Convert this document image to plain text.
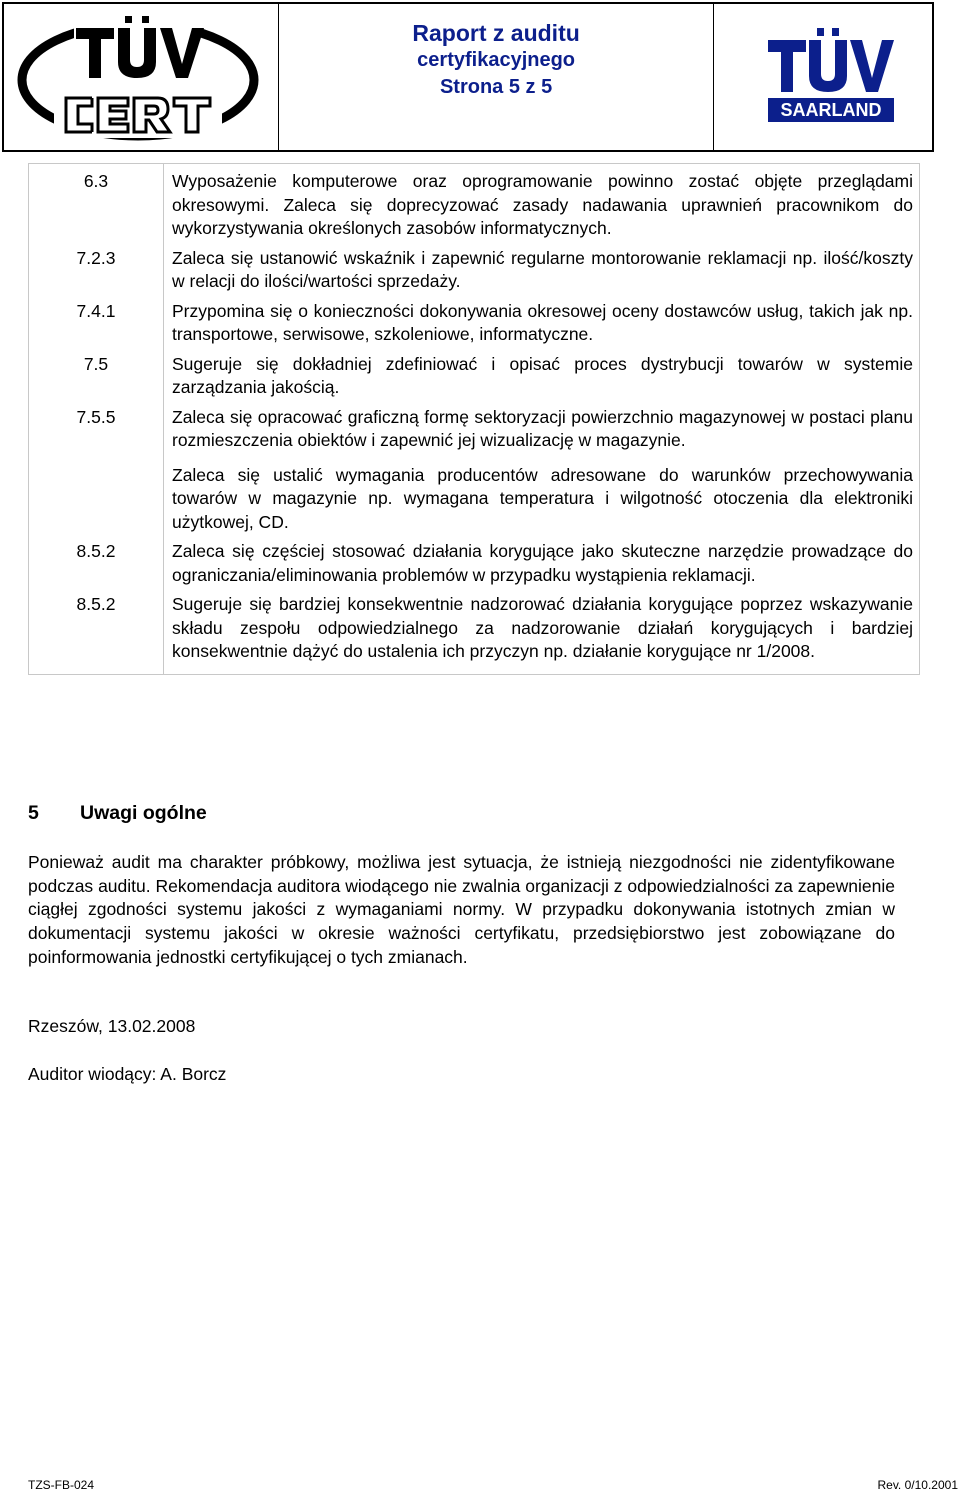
Raport z auditu
certyfikacyjnego
Strona 5 z 5
SAARLAND
6.3	Wyposażenie komputerowe oraz oprogramowanie powinno zostać objęte przeglądami okresowymi. Zaleca się doprecyzować zasady nadawania uprawnień pracownikom do wykorzystywania określonych zasobów informatycznych.

7.2.3	Zaleca się ustanowić wskaźnik i zapewnić regularne montorowanie reklamacji np. ilość/koszty w relacji do ilości/wartości sprzedaży.

7.4.1	Przypomina się o konieczności dokonywania okresowej oceny dostawców usług, takich jak np. transportowe, serwisowe, szkoleniowe, informatyczne.

7.5	Sugeruje się dokładniej zdefiniować i opisać proces dystrybucji towarów w systemie zarządzania jakością.

7.5.5	Zaleca się opracować graficzną formę sektoryzacji powierzchnio magazynowej w postaci planu rozmieszczenia obiektów i zapewnić jej wizualizację w magazynie.

Zaleca się ustalić wymagania producentów adresowane do warunków przechowywania towarów w magazynie np. wymagana temperatura i wilgotność otoczenia dla elektroniki użytkowej, CD.

8.5.2	Zaleca się częściej stosować działania korygujące jako skuteczne narzędzie prowadzące do ograniczania/eliminowania problemów w przypadku wystąpienia reklamacji.

8.5.2	Sugeruje się bardziej konsekwentnie nadzorować działania korygujące poprzez wskazywanie składu zespołu odpowiedzialnego za nadzorowanie działań korygujących i bardziej konsekwentnie dążyć do ustalenia ich przyczyn np. działanie korygujące nr 1/2008.

5 Uwagi ogólne

Ponieważ audit ma charakter próbkowy, możliwa jest sytuacja, że istnieją niezgodności nie zidentyfikowane podczas auditu. Rekomendacja auditora wiodącego nie zwalnia organizacji z odpowiedzialności za zapewnienie ciągłej zgodności systemu jakości z wymaganiami normy. W przypadku dokonywania istotnych zmian w dokumentacji systemu jakości w okresie ważności certyfikatu, przedsiębiorstwo jest zobowiązane do poinformowania jednostki certyfikującej o tych zmianach.

Rzeszów, 13.02.2008

Auditor wiodący: A. Borcz

TZS-FB-024	Rev. 0/10.2001
